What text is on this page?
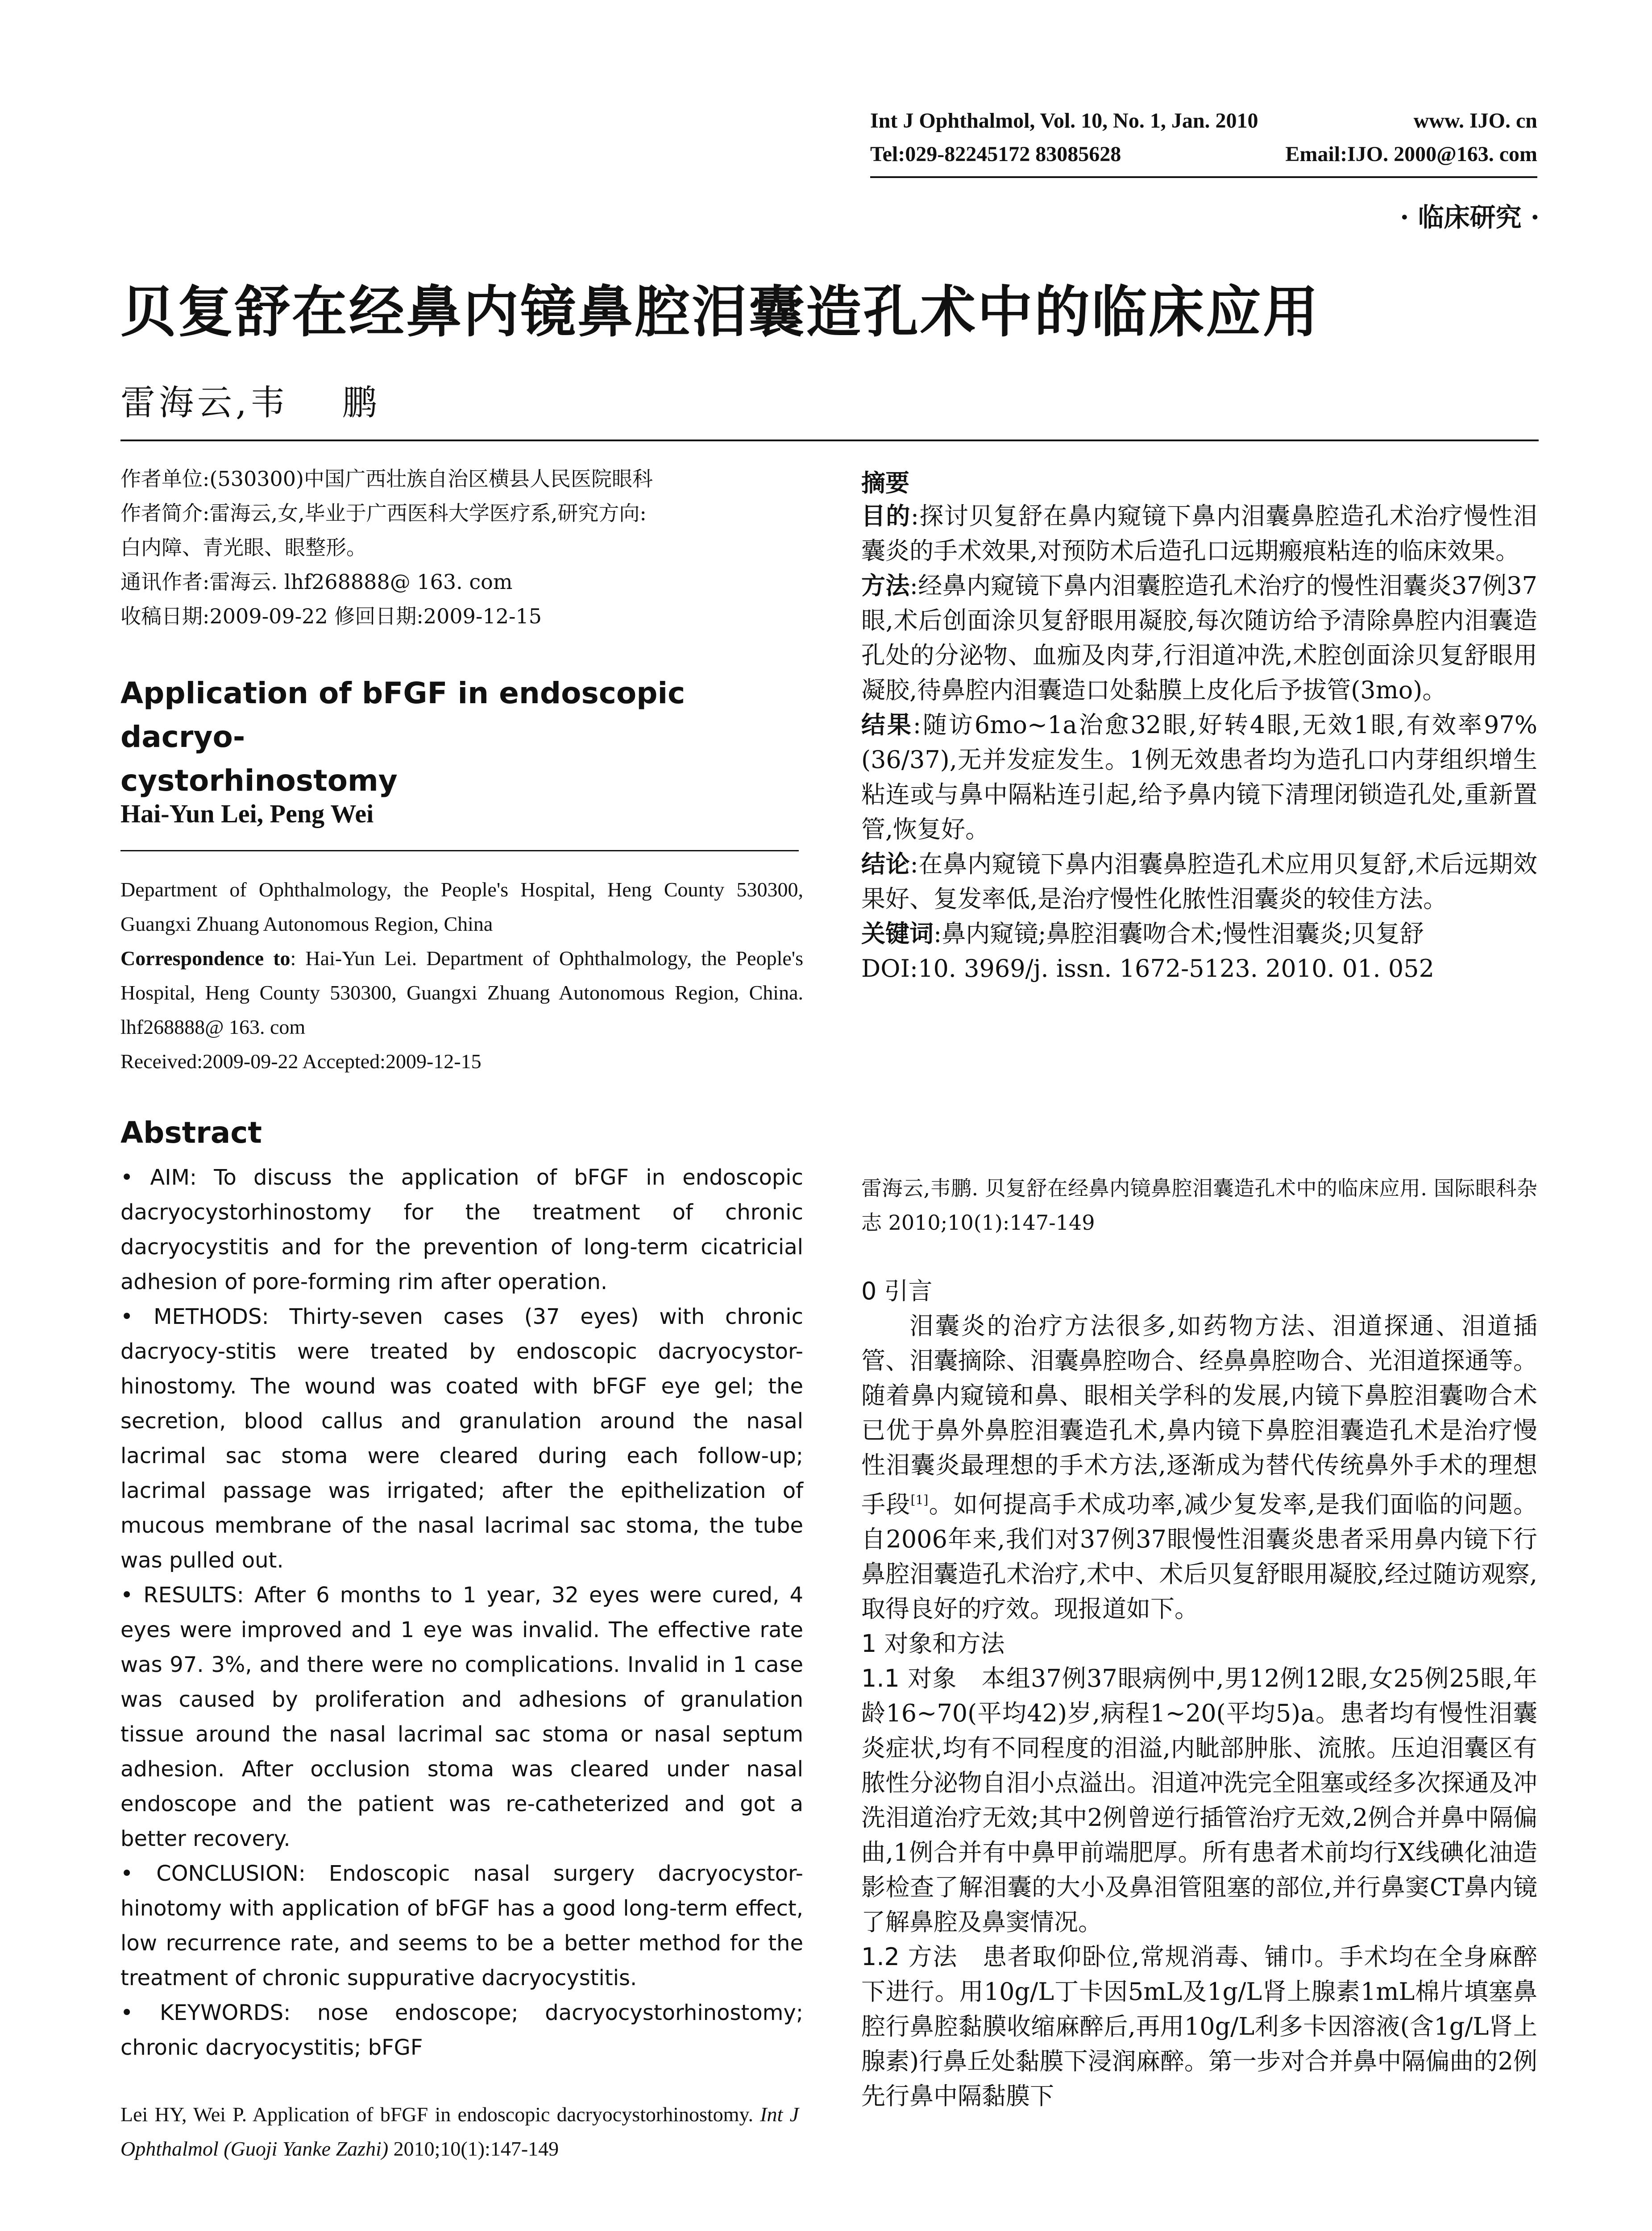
Int J Ophthalmol, Vol. 10, No. 1, Jan. 2010	www. IJO. cn
Tel:029-82245172 83085628	Email:IJO. 2000@163. com
· 临床研究 ·
贝复舒在经鼻内镜鼻腔泪囊造孔术中的临床应用
雷海云,韦 鹏
作者单位:(530300)中国广西壮族自治区横县人民医院眼科
作者简介:雷海云,女,毕业于广西医科大学医疗系,研究方向:
白内障、青光眼、眼整形。
通讯作者:雷海云. lhf268888@ 163. com
收稿日期:2009-09-22 修回日期:2009-12-15
Application of bFGF in endoscopic dacryo-
cystorhinostomy
Hai-Yun Lei, Peng Wei
Department of Ophthalmology, the People's Hospital, Heng County 530300, Guangxi Zhuang Autonomous Region, China
Correspondence to: Hai-Yun Lei. Department of Ophthalmology, the People's Hospital, Heng County 530300, Guangxi Zhuang Autonomous Region, China. lhf268888@ 163. com
Received:2009-09-22 Accepted:2009-12-15
Abstract

• AIM: To discuss the application of bFGF in endoscopic dacryocystorhinostomy for the treatment of chronic dacryocystitis and for the prevention of long-term cicatricial adhesion of pore-forming rim after operation.

• METHODS: Thirty-seven cases (37 eyes) with chronic dacryocy-stitis were treated by endoscopic dacryocystor-hinostomy. The wound was coated with bFGF eye gel; the secretion, blood callus and granulation around the nasal lacrimal sac stoma were cleared during each follow-up; lacrimal passage was irrigated; after the epithelization of mucous membrane of the nasal lacrimal sac stoma, the tube was pulled out.

• RESULTS: After 6 months to 1 year, 32 eyes were cured, 4 eyes were improved and 1 eye was invalid. The effective rate was 97. 3%, and there were no complications. Invalid in 1 case was caused by proliferation and adhesions of granulation tissue around the nasal lacrimal sac stoma or nasal septum adhesion. After occlusion stoma was cleared under nasal endoscope and the patient was re-catheterized and got a better recovery.

• CONCLUSION: Endoscopic nasal surgery dacryocystor-hinotomy with application of bFGF has a good long-term effect, low recurrence rate, and seems to be a better method for the treatment of chronic suppurative dacryocystitis.

• KEYWORDS: nose endoscope; dacryocystorhinostomy; chronic dacryocystitis; bFGF

Lei HY, Wei P. Application of bFGF in endoscopic dacryocystorhinostomy. Int J Ophthalmol (Guoji Yanke Zazhi) 2010;10(1):147-149
摘要

目的:探讨贝复舒在鼻内窥镜下鼻内泪囊鼻腔造孔术治疗慢性泪囊炎的手术效果,对预防术后造孔口远期瘢痕粘连的临床效果。

方法:经鼻内窥镜下鼻内泪囊腔造孔术治疗的慢性泪囊炎37例37眼,术后创面涂贝复舒眼用凝胶,每次随访给予清除鼻腔内泪囊造孔处的分泌物、血痂及肉芽,行泪道冲洗,术腔创面涂贝复舒眼用凝胶,待鼻腔内泪囊造口处黏膜上皮化后予拔管(3mo)。

结果:随访6mo~1a治愈32眼,好转4眼,无效1眼,有效率97%(36/37),无并发症发生。1例无效患者均为造孔口内芽组织增生粘连或与鼻中隔粘连引起,给予鼻内镜下清理闭锁造孔处,重新置管,恢复好。

结论:在鼻内窥镜下鼻内泪囊鼻腔造孔术应用贝复舒,术后远期效果好、复发率低,是治疗慢性化脓性泪囊炎的较佳方法。

关键词:鼻内窥镜;鼻腔泪囊吻合术;慢性泪囊炎;贝复舒

DOI:10. 3969/j. issn. 1672-5123. 2010. 01. 052

雷海云,韦鹏. 贝复舒在经鼻内镜鼻腔泪囊造孔术中的临床应用. 国际眼科杂志 2010;10(1):147-149

0 引言

泪囊炎的治疗方法很多,如药物方法、泪道探通、泪道插管、泪囊摘除、泪囊鼻腔吻合、经鼻鼻腔吻合、光泪道探通等。随着鼻内窥镜和鼻、眼相关学科的发展,内镜下鼻腔泪囊吻合术已优于鼻外鼻腔泪囊造孔术,鼻内镜下鼻腔泪囊造孔术是治疗慢性泪囊炎最理想的手术方法,逐渐成为替代传统鼻外手术的理想手段[1]。如何提高手术成功率,减少复发率,是我们面临的问题。自2006年来,我们对37例37眼慢性泪囊炎患者采用鼻内镜下行鼻腔泪囊造孔术治疗,术中、术后贝复舒眼用凝胶,经过随访观察,取得良好的疗效。现报道如下。

1 对象和方法

1.1 对象  本组37例37眼病例中,男12例12眼,女25例25眼,年龄16~70(平均42)岁,病程1~20(平均5)a。患者均有慢性泪囊炎症状,均有不同程度的泪溢,内眦部肿胀、流脓。压迫泪囊区有脓性分泌物自泪小点溢出。泪道冲洗完全阻塞或经多次探通及冲洗泪道治疗无效;其中2例曾逆行插管治疗无效,2例合并鼻中隔偏曲,1例合并有中鼻甲前端肥厚。所有患者术前均行X线碘化油造影检查了解泪囊的大小及鼻泪管阻塞的部位,并行鼻窦CT鼻内镜了解鼻腔及鼻窦情况。

1.2 方法  患者取仰卧位,常规消毒、铺巾。手术均在全身麻醉下进行。用10g/L丁卡因5mL及1g/L肾上腺素1mL棉片填塞鼻腔行鼻腔黏膜收缩麻醉后,再用10g/L利多卡因溶液(含1g/L肾上腺素)行鼻丘处黏膜下浸润麻醉。第一步对合并鼻中隔偏曲的2例先行鼻中隔黏膜下
